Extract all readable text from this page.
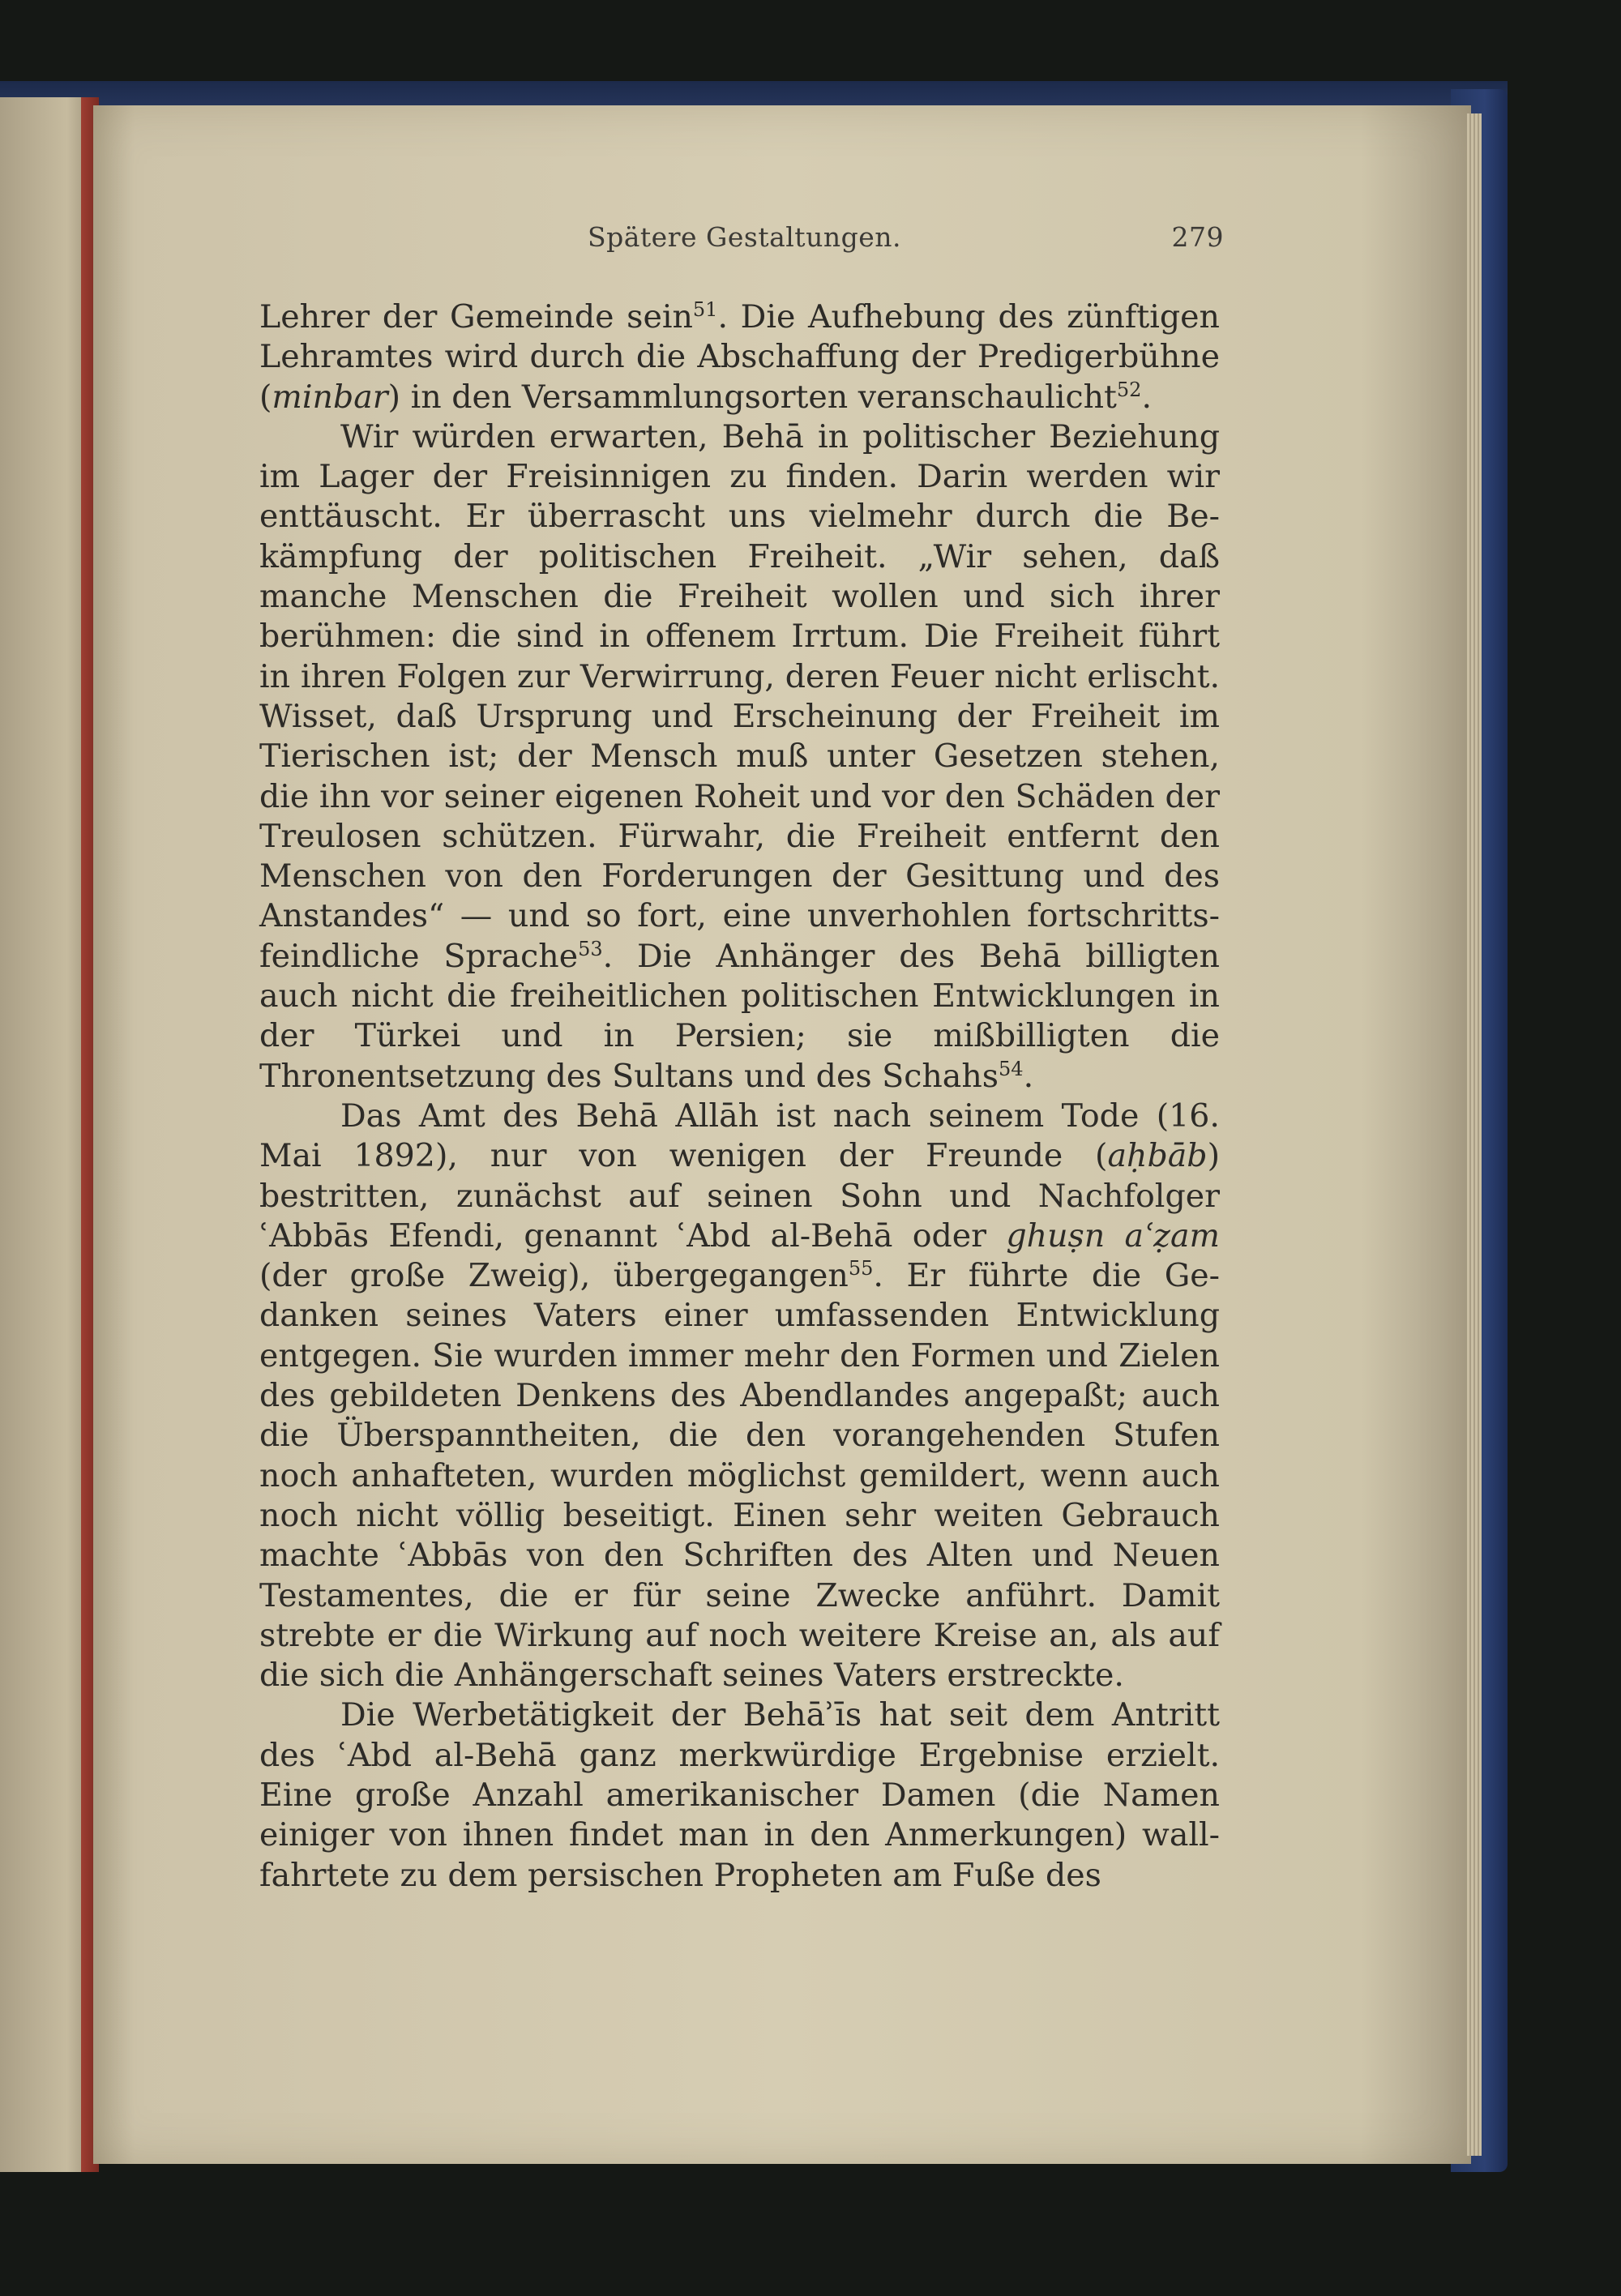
Spätere Gestaltungen.	279

Lehrer der Gemeinde sein$^{51}$. Die Aufhebung des zünftigen Lehramtes wird durch die Abschaffung der Predigerbühne (minbar) in den Versammlungsorten veranschaulicht$^{52}$.

Wir würden erwarten, Behā in politischer Beziehung im Lager der Freisinnigen zu finden. Darin werden wir enttäuscht. Er überrascht uns vielmehr durch die Bekämpfung der politischen Freiheit. „Wir sehen, daß manche Menschen die Freiheit wollen und sich ihrer berühmen: die sind in offenem Irrtum. Die Freiheit führt in ihren Folgen zur Verwirrung, deren Feuer nicht erlischt. Wisset, daß Ursprung und Erscheinung der Freiheit im Tierischen ist; der Mensch muß unter Gesetzen stehen, die ihn vor seiner eigenen Roheit und vor den Schäden der Treulosen schützen. Fürwahr, die Freiheit entfernt den Menschen von den Forderungen der Gesittung und des Anstandes“ — und so fort, eine unverhohlen fortschrittsfeindliche Sprache$^{53}$. Die Anhänger des Behā billigten auch nicht die freiheitlichen politischen Entwicklungen in der Türkei und in Persien; sie mißbilligten die Thronentsetzung des Sultans und des Schahs$^{54}$.

Das Amt des Behā Allāh ist nach seinem Tode (16. Mai 1892), nur von wenigen der Freunde (aḥbāb) bestritten, zunächst auf seinen Sohn und Nachfolger ʿAbbās Efendi, genannt ʿAbd al-Behā oder ghuṣn aʿẓam (der große Zweig), übergegangen$^{55}$. Er führte die Gedanken seines Vaters einer umfassenden Entwicklung entgegen. Sie wurden immer mehr den Formen und Zielen des gebildeten Denkens des Abendlandes angepaßt; auch die Überspanntheiten, die den vorangehenden Stufen noch anhafteten, wurden möglichst gemildert, wenn auch noch nicht völlig beseitigt. Einen sehr weiten Gebrauch machte ʿAbbās von den Schriften des Alten und Neuen Testamentes, die er für seine Zwecke anführt. Damit strebte er die Wirkung auf noch weitere Kreise an, als auf die sich die Anhängerschaft seines Vaters erstreckte.

Die Werbetätigkeit der Behāʾīs hat seit dem Antritt des ʿAbd al-Behā ganz merkwürdige Ergebnise erzielt. Eine große Anzahl amerikanischer Damen (die Namen einiger von ihnen findet man in den Anmerkungen) wallfahrtete zu dem persischen Propheten am Fuße des
